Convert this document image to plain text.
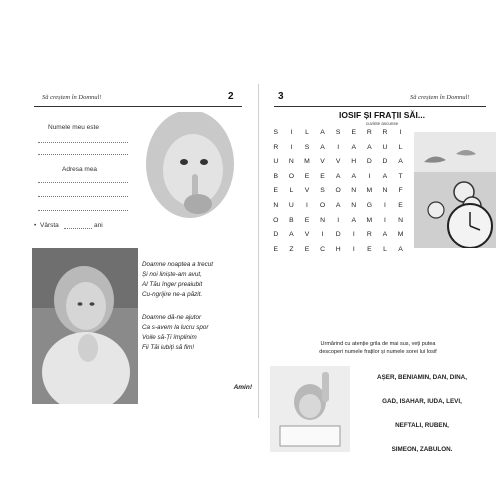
Să creștem în Domnul!	2
Numele meu este
Adresa mea
• Vârsta	ani
Doamne noaptea a trecut
Și noi liniște-am avut,
Al Tău înger preaiubit
Cu-ngrijire ne-a păzit.
Doamne dă-ne ajutor
Ca s-avem la lucru spor
Voile să-Ți împlinim
Fii Tăi iubiți să fim!
Amin!
3	Să creștem în Domnul!
IOSIF ȘI FRAȚII SĂI...
cuvinte ascunse
S	I	L	A	S	E	R	R	I
R	I	S	A	I	A	A	U	L
U	N	M	V	V	H	D	D	A
B	O	E	E	A	A	I	A	T
E	L	V	S	O	N	M	N	F
N	U	I	O	A	N	G	I	E
O	B	E	N	I	A	M	I	N
D	A	V	I	D	I	R	A	M
E	Z	E	C	H	I	E	L	A
Urmărind cu atenție grila de mai sus, veți putea
descoperi numele fraților și numele sorei lui Iosif
AȘER, BENIAMIN, DAN, DINA,
GAD, ISAHAR, IUDA, LEVI,
NEFTALI, RUBEN,
SIMEON, ZABULON.
